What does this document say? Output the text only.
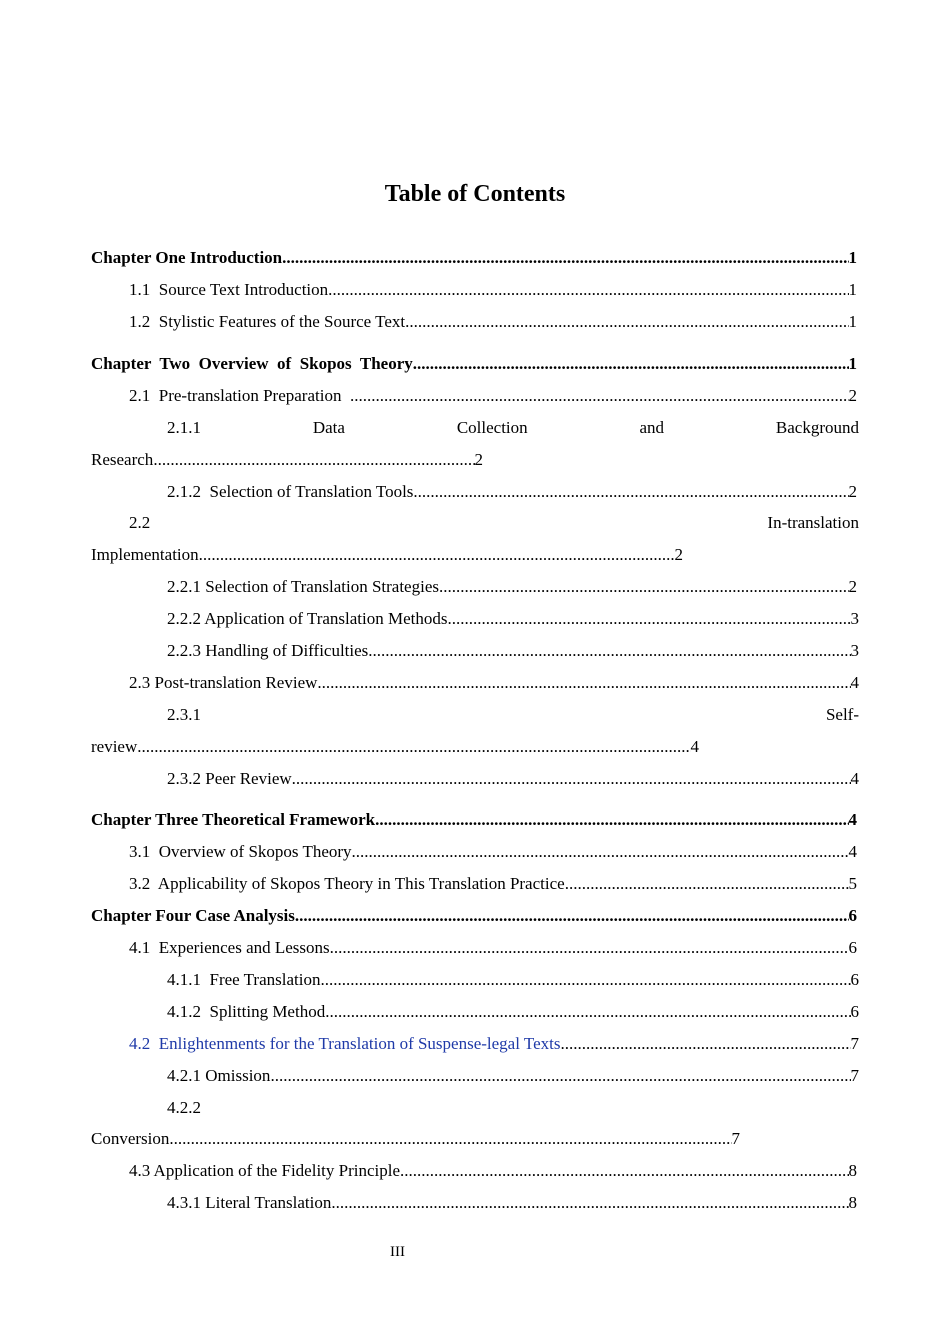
Table of Contents
Chapter One Introduction .....	1
1.1  Source Text Introduction .....	1
1.2  Stylistic Features of the Source Text .....	1
Chapter  Two  Overview  of  Skopos  Theory .....	1
2.1  Pre-translation Preparation .....	2
2.1.1	Data	Collection	and	Background
Research .....	2
2.1.2  Selection of Translation Tools .....	2
2.2	In-translation
Implementation .....	2
2.2.1 Selection of Translation Strategies .....	2
2.2.2 Application of Translation Methods .....	3
2.2.3 Handling of Difficulties .....	3
2.3 Post-translation Review .....	4
2.3.1	Self-
review .....	4
2.3.2 Peer Review .....	4
Chapter Three Theoretical Framework .....	4
3.1  Overview of Skopos Theory .....	4
3.2  Applicability of Skopos Theory in This Translation Practice .....	5
Chapter Four Case Analysis .....	6
4.1  Experiences and Lessons .....	6
4.1.1  Free Translation .....	6
4.1.2  Splitting Method .....	6
4.2  Enlightenments for the Translation of Suspense-legal Texts .....	7
4.2.1 Omission .....	7
4.2.2
Conversion .....	7
4.3 Application of the Fidelity Principle .....	8
4.3.1 Literal Translation .....	8
III
